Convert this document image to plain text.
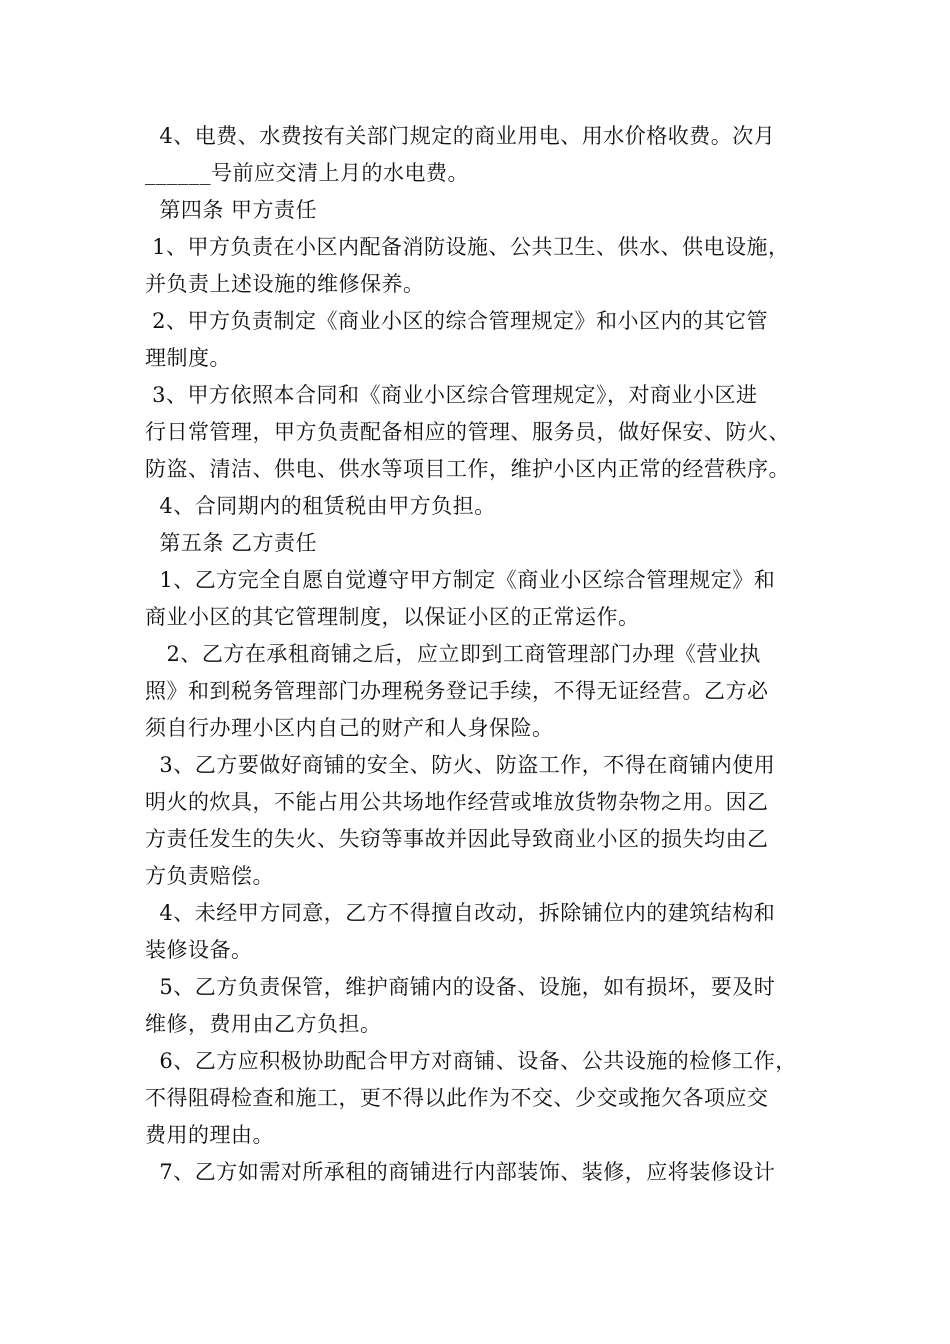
4、电费、水费按有关部门规定的商业用电、用水价格收费。次月
______号前应交清上月的水电费。
第四条 甲方责任
1、甲方负责在小区内配备消防设施、公共卫生、供水、供电设施，
并负责上述设施的维修保养。
2、甲方负责制定《商业小区的综合管理规定》和小区内的其它管
理制度。
3、甲方依照本合同和《商业小区综合管理规定》，对商业小区进
行日常管理，甲方负责配备相应的管理、服务员，做好保安、防火、
防盗、清洁、供电、供水等项目工作，维护小区内正常的经营秩序。
4、合同期内的租赁税由甲方负担。
第五条 乙方责任
1、乙方完全自愿自觉遵守甲方制定《商业小区综合管理规定》和
商业小区的其它管理制度，以保证小区的正常运作。
2、乙方在承租商铺之后，应立即到工商管理部门办理《营业执
照》和到税务管理部门办理税务登记手续，不得无证经营。乙方必
须自行办理小区内自己的财产和人身保险。
3、乙方要做好商铺的安全、防火、防盗工作，不得在商铺内使用
明火的炊具，不能占用公共场地作经营或堆放货物杂物之用。因乙
方责任发生的失火、失窃等事故并因此导致商业小区的损失均由乙
方负责赔偿。
4、未经甲方同意，乙方不得擅自改动，拆除铺位内的建筑结构和
装修设备。
5、乙方负责保管，维护商铺内的设备、设施，如有损坏，要及时
维修，费用由乙方负担。
6、乙方应积极协助配合甲方对商铺、设备、公共设施的检修工作，
不得阻碍检查和施工，更不得以此作为不交、少交或拖欠各项应交
费用的理由。
7、乙方如需对所承租的商铺进行内部装饰、装修，应将装修设计
